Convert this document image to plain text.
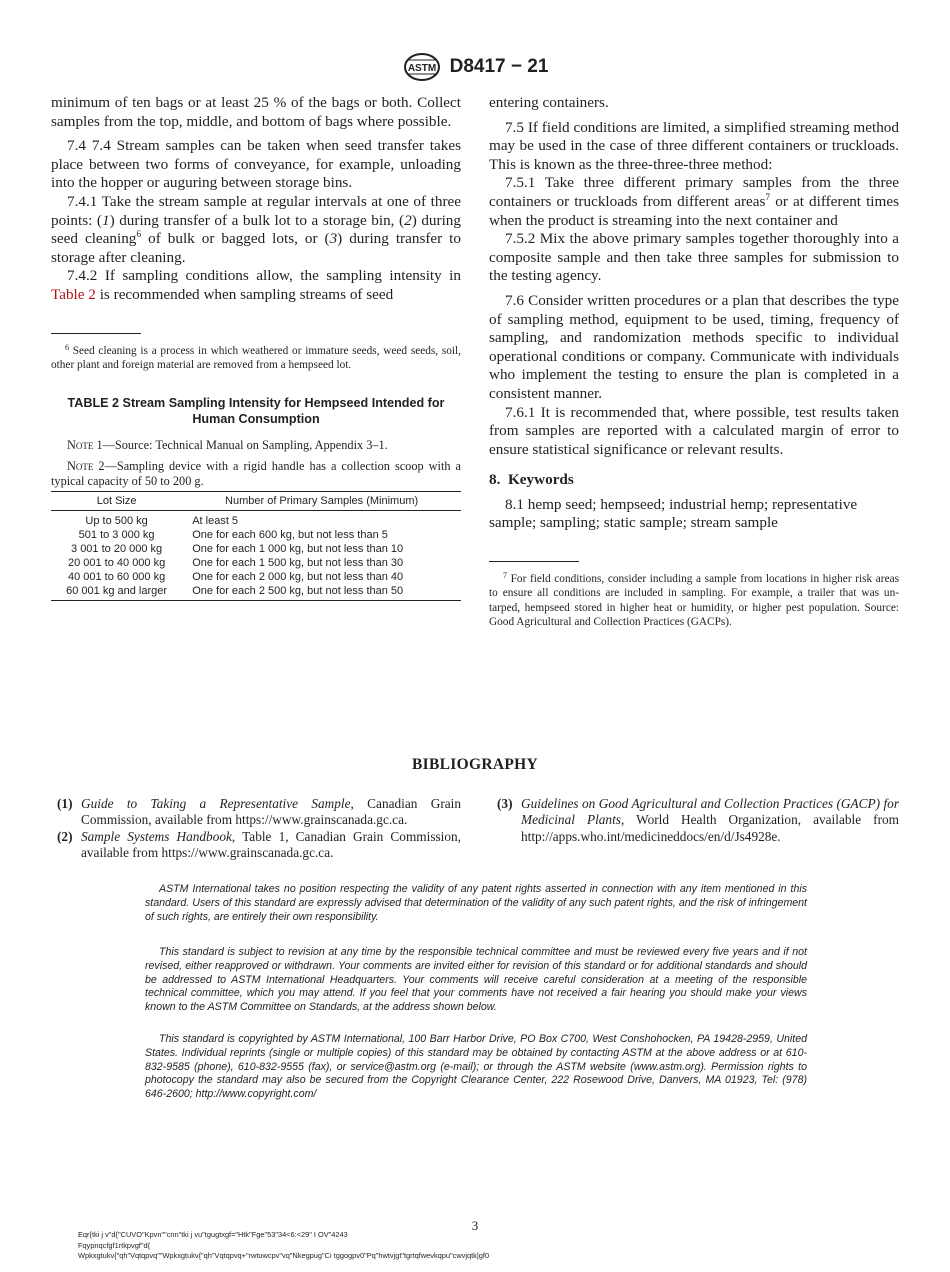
ASTM D8417 − 21

minimum of ten bags or at least 25 % of the bags or both. Collect samples from the top, middle, and bottom of bags where possible.

7.4 7.4 Stream samples can be taken when seed transfer takes place between two forms of conveyance, for example, unloading into the hopper or auguring between storage bins.

7.4.1 Take the stream sample at regular intervals at one of three points: (1) during transfer of a bulk lot to a storage bin, (2) during seed cleaning$^6$ of bulk or bagged lots, or (3) during transfer to storage after cleaning.

7.4.2 If sampling conditions allow, the sampling intensity in Table 2 is recommended when sampling streams of seed

$^6$ Seed cleaning is a process in which weathered or immature seeds, weed seeds, soil, other plant and foreign material are removed from a hempseed lot.

TABLE 2 Stream Sampling Intensity for Hempseed Intended for Human Consumption

Note 1—Source: Technical Manual on Sampling, Appendix 3–1.

Note 2—Sampling device with a rigid handle has a collection scoop with a typical capacity of 50 to 200 g.

Lot Size	Number of Primary Samples (Minimum)
Up to 500 kg	At least 5
501 to 3 000 kg	One for each 600 kg, but not less than 5
3 001 to 20 000 kg	One for each 1 000 kg, but not less than 10
20 001 to 40 000 kg	One for each 1 500 kg, but not less than 30
40 001 to 60 000 kg	One for each 2 000 kg, but not less than 40
60 001 kg and larger	One for each 2 500 kg, but not less than 50

entering containers.

7.5 If field conditions are limited, a simplified streaming method may be used in the case of three different containers or truckloads. This is known as the three-three-three method:

7.5.1 Take three different primary samples from the three containers or truckloads from different areas$^7$ or at different times when the product is streaming into the next container and

7.5.2 Mix the above primary samples together thoroughly into a composite sample and then take three samples for submission to the testing agency.

7.6 Consider written procedures or a plan that describes the type of sampling method, equipment to be used, timing, frequency of sampling, and randomization methods specific to individual operational conditions or company. Communicate with individuals who implement the testing to ensure the plan is completed in a consistent manner.

7.6.1 It is recommended that, where possible, test results taken from samples are reported with a calculated margin of error to ensure statistical significance or relevant results.

8.  Keywords

8.1 hemp seed; hempseed; industrial hemp; representative sample; sampling; static sample; stream sample

$^7$ For field conditions, consider including a sample from locations in higher risk areas to ensure all conditions are included in sampling. For example, a trailer that was un-tarped, hempseed stored in higher heat or humidity, or higher pest population. Source: Good Agricultural and Collection Practices (GACPs).

BIBLIOGRAPHY

(1) Guide to Taking a Representative Sample, Canadian Grain Commission, available from https://www.grainscanada.gc.ca.

(2) Sample Systems Handbook, Table 1, Canadian Grain Commission, available from https://www.grainscanada.gc.ca.

(3) Guidelines on Good Agricultural and Collection Practices (GACP) for Medicinal Plants, World Health Organization, available from http://apps.who.int/medicineddocs/en/d/Js4928e.

ASTM International takes no position respecting the validity of any patent rights asserted in connection with any item mentioned in this standard. Users of this standard are expressly advised that determination of the validity of any such patent rights, and the risk of infringement of such rights, are entirely their own responsibility.

This standard is subject to revision at any time by the responsible technical committee and must be reviewed every five years and if not revised, either reapproved or withdrawn. Your comments are invited either for revision of this standard or for additional standards and should be addressed to ASTM International Headquarters. Your comments will receive careful consideration at a meeting of the responsible technical committee, which you may attend. If you feel that your comments have not received a fair hearing you should make your views known to the ASTM Committee on Standards, at the address shown below.

This standard is copyrighted by ASTM International, 100 Barr Harbor Drive, PO Box C700, West Conshohocken, PA 19428-2959, United States. Individual reprints (single or multiple copies) of this standard may be obtained by contacting ASTM at the above address or at 610-832-9585 (phone), 610-832-9555 (fax), or service@astm.org (e-mail); or through the ASTM website (www.astm.org). Permission rights to photocopy the standard may also be secured from the Copyright Clearance Center, 222 Rosewood Drive, Danvers, MA 01923, Tel: (978) 646-2600; http://www.copyright.com/

3
Eqr{tki j v"d{"CUVO"Kpvn""cnn"tki j vu"tgugtxgf="Htk"Fge"53"34<6:<29" I OV"4243
Fqypnqcfgf1rtkpvgf"d{
Wpkxgtukv{"qh"Vqtqpvq""Wpkxgtukv{"qh"Vqtqpvq+"rwtuwcpv"vq"Nkegpug"Ci tggogpv0"Pq"hwtvjgt"tgrtqfwevkqpu"cwvjqtk|gf0
